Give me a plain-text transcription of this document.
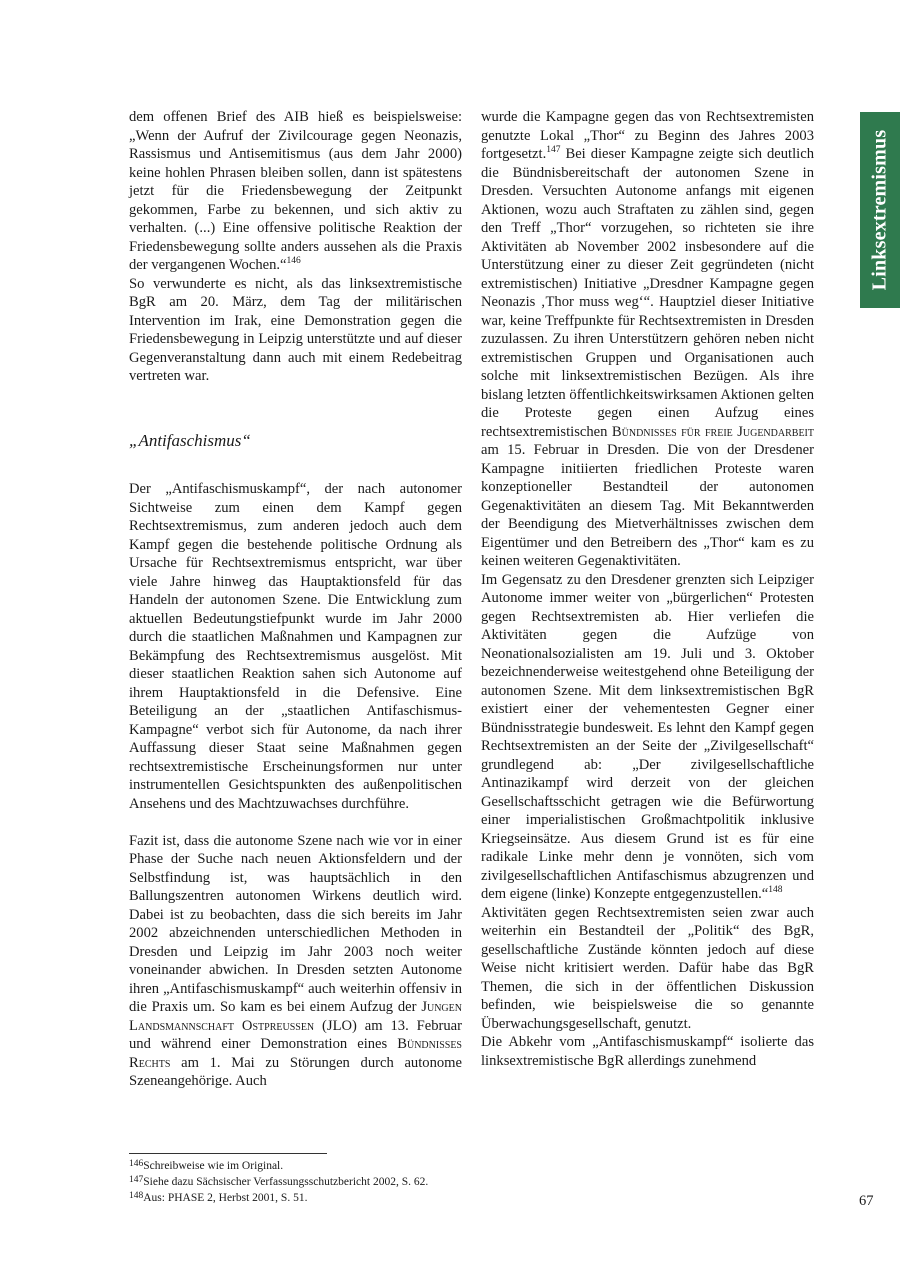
Linksextremismus

dem offenen Brief des AIB hieß es beispielsweise: „Wenn der Aufruf der Zivilcourage gegen Neonazis, Rassismus und Antisemitismus (aus dem Jahr 2000) keine hohlen Phrasen bleiben sollen, dann ist spätestens jetzt für die Friedensbewegung der Zeitpunkt gekommen, Farbe zu bekennen, und sich aktiv zu verhalten. (...) Eine offensive politische Reaktion der Friedensbewegung sollte anders aussehen als die Praxis der vergangenen Wochen.“$^{146}$

So verwunderte es nicht, als das linksextremistische BgR am 20. März, dem Tag der militärischen Intervention im Irak, eine Demonstration gegen die Friedensbewegung in Leipzig unterstützte und auf dieser Gegenveranstaltung dann auch mit einem Redebeitrag vertreten war.

„Antifaschismus“

Der „Antifaschismuskampf“, der nach autonomer Sichtweise zum einen dem Kampf gegen Rechtsextremismus, zum anderen jedoch auch dem Kampf gegen die bestehende politische Ordnung als Ursache für Rechtsextremismus entspricht, war über viele Jahre hinweg das Hauptaktionsfeld für das Handeln der autonomen Szene. Die Entwicklung zum aktuellen Bedeutungstiefpunkt wurde im Jahr 2000 durch die staatlichen Maßnahmen und Kampagnen zur Bekämpfung des Rechtsextremismus ausgelöst. Mit dieser staatlichen Reaktion sahen sich Autonome auf ihrem Hauptaktionsfeld in die Defensive. Eine Beteiligung an der „staatlichen Antifaschismus-Kampagne“ verbot sich für Autonome, da nach ihrer Auffassung dieser Staat seine Maßnahmen gegen rechtsextremistische Erscheinungsformen nur unter instrumentellen Gesichtspunkten des außenpolitischen Ansehens und des Machtzuwachses durchführe.

Fazit ist, dass die autonome Szene nach wie vor in einer Phase der Suche nach neuen Aktionsfeldern und der Selbstfindung ist, was hauptsächlich in den Ballungszentren autonomen Wirkens deutlich wird. Dabei ist zu beobachten, dass die sich bereits im Jahr 2002 abzeichnenden unterschiedlichen Methoden in Dresden und Leipzig im Jahr 2003 noch weiter voneinander abwichen. In Dresden setzten Autonome ihren „Antifaschismuskampf“ auch weiterhin offensiv in die Praxis um. So kam es bei einem Aufzug der Jungen Landsmannschaft Ostpreußen (JLO) am 13. Februar und während einer Demonstration eines Bündnisses Rechts am 1. Mai zu Störungen durch autonome Szeneangehörige. Auch

wurde die Kampagne gegen das von Rechtsextremisten genutzte Lokal „Thor“ zu Beginn des Jahres 2003 fortgesetzt.$^{147}$ Bei dieser Kampagne zeigte sich deutlich die Bündnisbereitschaft der autonomen Szene in Dresden. Versuchten Autonome anfangs mit eigenen Aktionen, wozu auch Straftaten zu zählen sind, gegen den Treff „Thor“ vorzugehen, so richteten sie ihre Aktivitäten ab November 2002 insbesondere auf die Unterstützung einer zu dieser Zeit gegründeten (nicht extremistischen) Initiative „Dresdner Kampagne gegen Neonazis ‚Thor muss weg‘“. Hauptziel dieser Initiative war, keine Treffpunkte für Rechtsextremisten in Dresden zuzulassen. Zu ihren Unterstützern gehören neben nicht extremistischen Gruppen und Organisationen auch solche mit linksextremistischen Bezügen. Als ihre bislang letzten öffentlichkeitswirksamen Aktionen gelten die Proteste gegen einen Aufzug eines rechtsextremistischen Bündnisses für freie Jugendarbeit am 15. Februar in Dresden. Die von der Dresdener Kampagne initiierten friedlichen Proteste waren konzeptioneller Bestandteil der autonomen Gegenaktivitäten an diesem Tag. Mit Bekanntwerden der Beendigung des Mietverhältnisses zwischen dem Eigentümer und den Betreibern des „Thor“ kam es zu keinen weiteren Gegenaktivitäten.

Im Gegensatz zu den Dresdener grenzten sich Leipziger Autonome immer weiter von „bürgerlichen“ Protesten gegen Rechtsextremisten ab. Hier verliefen die Aktivitäten gegen die Aufzüge von Neonationalsozialisten am 19. Juli und 3. Oktober bezeichnenderweise weitestgehend ohne Beteiligung der autonomen Szene. Mit dem linksextremistischen BgR existiert einer der vehementesten Gegner einer Bündnisstrategie bundesweit. Es lehnt den Kampf gegen Rechtsextremisten an der Seite der „Zivilgesellschaft“ grundlegend ab: „Der zivilgesellschaftliche Antinazikampf wird derzeit von der gleichen Gesellschaftsschicht getragen wie die Befürwortung einer imperialistischen Großmachtpolitik inklusive Kriegseinsätze. Aus diesem Grund ist es für eine radikale Linke mehr denn je vonnöten, sich vom zivilgesellschaftlichen Antifaschismus abzugrenzen und dem eigene (linke) Konzepte entgegenzustellen.“$^{148}$

Aktivitäten gegen Rechtsextremisten seien zwar auch weiterhin ein Bestandteil der „Politik“ des BgR, gesellschaftliche Zustände könnten jedoch auf diese Weise nicht kritisiert werden. Dafür habe das BgR Themen, die sich in der öffentlichen Diskussion befinden, wie beispielsweise die so genannte Überwachungsgesellschaft, genutzt.

Die Abkehr vom „Antifaschismuskampf“ isolierte das linksextremistische BgR allerdings zunehmend

$^{146}$Schreibweise wie im Original.
$^{147}$Siehe dazu Sächsischer Verfassungsschutzbericht 2002, S. 62.
$^{148}$Aus: PHASE 2, Herbst 2001, S. 51.	67
